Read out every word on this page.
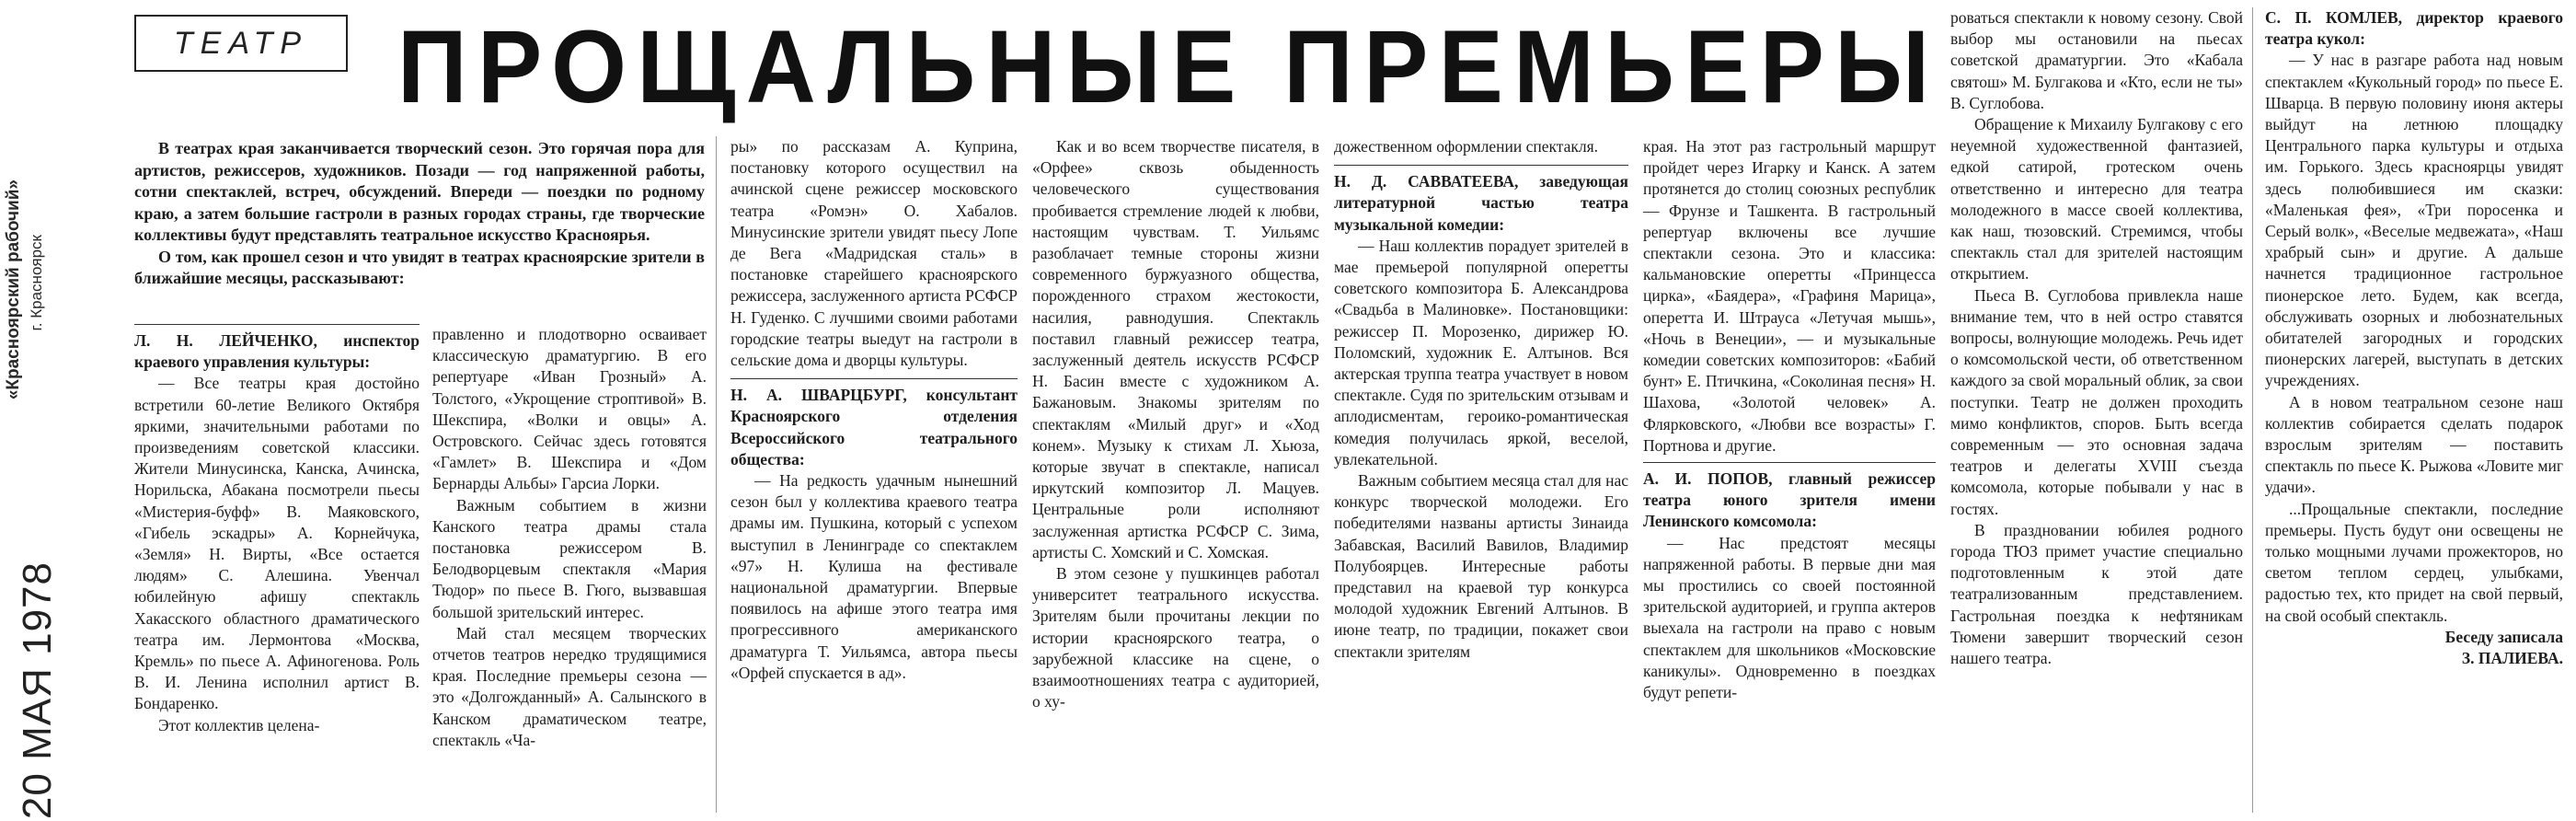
«Красноярский рабочий» г. Красноярск
20 МАЯ 1978
ТЕАТР ПРОЩАЛЬНЫЕ ПРЕМЬЕРЫ

В театрах края заканчивается творческий сезон. Это горячая пора для артистов, режиссеров, художников. Позади — год напряженной работы, сотни спектаклей, встреч, обсуждений. Впереди — поездки по родному краю, а затем большие гастроли в разных городах страны, где творческие коллективы будут представлять театральное искусство Красноярья.

О том, как прошел сезон и что увидят в театрах красноярские зрители в ближайшие месяцы, рассказывают:

Л. Н. ЛЕЙЧЕНКО, инспектор краевого управления культуры:

— Все театры края достойно встретили 60-летие Великого Октября яркими, значительными работами по произведениям советской классики. Жители Минусинска, Канска, Ачинска, Норильска, Абакана посмотрели пьесы «Мистерия-буфф» В. Маяковского, «Гибель эскадры» А. Корнейчука, «Земля» Н. Вирты, «Все остается людям» С. Алешина. Увенчал юбилейную афишу спектакль Хакасского областного драматического театра им. Лермонтова «Москва, Кремль» по пьесе А. Афиногенова. Роль В. И. Ленина исполнил артист В. Бондаренко.

Этот коллектив целена-

правленно и плодотворно осваивает классическую драматургию. В его репертуаре «Иван Грозный» А. Толстого, «Укрощение строптивой» В. Шекспира, «Волки и овцы» А. Островского. Сейчас здесь готовятся «Гамлет» В. Шекспира и «Дом Бернарды Альбы» Гарсиа Лорки.

Важным событием в жизни Канского театра драмы стала постановка режиссером В. Белодворцевым спектакля «Мария Тюдор» по пьесе В. Гюго, вызвавшая большой зрительский интерес.

Май стал месяцем творческих отчетов театров нередко трудящимися края. Последние премьеры сезона — это «Долгожданный» А. Салынского в Канском драматическом театре, спектакль «Ча-

ры» по рассказам А. Куприна, постановку которого осуществил на ачинской сцене режиссер московского театра «Ромэн» О. Хабалов. Минусинские зрители увидят пьесу Лопе де Вега «Мадридская сталь» в постановке старейшего красноярского режиссера, заслуженного артиста РСФСР Н. Гуденко. С лучшими своими работами городские театры выедут на гастроли в сельские дома и дворцы культуры.

Н. А. ШВАРЦБУРГ, консультант Красноярского отделения Всероссийского театрального общества:

— На редкость удачным нынешний сезон был у коллектива краевого театра драмы им. Пушкина, который с успехом выступил в Ленинграде со спектаклем «97» Н. Кулиша на фестивале национальной драматургии. Впервые появилось на афише этого театра имя прогрессивного американского драматурга Т. Уильямса, автора пьесы «Орфей спускается в ад».

Как и во всем творчестве писателя, в «Орфее» сквозь обыденность человеческого существования пробивается стремление людей к любви, настоящим чувствам. Т. Уильямс разоблачает темные стороны жизни современного буржуазного общества, порожденного страхом жестокости, насилия, равнодушия. Спектакль поставил главный режиссер театра, заслуженный деятель искусств РСФСР Н. Басин вместе с художником А. Бажановым. Знакомы зрителям по спектаклям «Милый друг» и «Ход конем». Музыку к стихам Л. Хьюза, которые звучат в спектакле, написал иркутский композитор Л. Мацуев. Центральные роли исполняют заслуженная артистка РСФСР С. Зима, артисты С. Хомский и С. Хомская.

В этом сезоне у пушкинцев работал университет театрального искусства. Зрителям были прочитаны лекции по истории красноярского театра, о зарубежной классике на сцене, о взаимоотношениях театра с аудиторией, о ху-

дожественном оформлении спектакля.

Н. Д. САВВАТЕЕВА, заведующая литературной частью театра музыкальной комедии:

— Наш коллектив порадует зрителей в мае премьерой популярной оперетты советского композитора Б. Александрова «Свадьба в Малиновке». Постановщики: режиссер П. Морозенко, дирижер Ю. Поломский, художник Е. Алтынов. Вся актерская труппа театра участвует в новом спектакле. Судя по зрительским отзывам и аплодисментам, героико-романтическая комедия получилась яркой, веселой, увлекательной.

Важным событием месяца стал для нас конкурс творческой молодежи. Его победителями названы артисты Зинаида Забавская, Василий Вавилов, Владимир Полубоярцев. Интересные работы представил на краевой тур конкурса молодой художник Евгений Алтынов. В июне театр, по традиции, покажет свои спектакли зрителям

края. На этот раз гастрольный маршрут пройдет через Игарку и Канск. А затем протянется до столиц союзных республик — Фрунзе и Ташкента. В гастрольный репертуар включены все лучшие спектакли сезона. Это и классика: кальмановские оперетты «Принцесса цирка», «Баядера», «Графиня Марица», оперетта И. Штрауса «Летучая мышь», «Ночь в Венеции», — и музыкальные комедии советских композиторов: «Бабий бунт» Е. Птичкина, «Соколиная песня» Н. Шахова, «Золотой человек» А. Флярковского, «Любви все возрасты» Г. Портнова и другие.

А. И. ПОПОВ, главный режиссер театра юного зрителя имени Ленинского комсомола:

— Нас предстоят месяцы напряженной работы. В первые дни мая мы простились со своей постоянной зрительской аудиторией, и группа актеров выехала на гастроли на право с новым спектаклем для школьников «Московские каникулы». Одновременно в поездках будут репети-

роваться спектакли к новому сезону. Свой выбор мы остановили на пьесах советской драматургии. Это «Кабала святош» М. Булгакова и «Кто, если не ты» В. Суглобова.

Обращение к Михаилу Булгакову с его неуемной художественной фантазией, едкой сатирой, гротеском очень ответственно и интересно для театра молодежного в массе своей коллектива, как наш, тюзовский. Стремимся, чтобы спектакль стал для зрителей настоящим открытием.

Пьеса В. Суглобова привлекла наше внимание тем, что в ней остро ставятся вопросы, волнующие молодежь. Речь идет о комсомольской чести, об ответственном каждого за свой моральный облик, за свои поступки. Театр не должен проходить мимо конфликтов, споров. Быть всегда современным — это основная задача театров и делегаты XVIII съезда комсомола, которые побывали у нас в гостях.

В праздновании юбилея родного города ТЮЗ примет участие специально подготовленным к этой дате театрализованным представлением. Гастрольная поездка к нефтяникам Тюмени завершит творческий сезон нашего театра.

С. П. КОМЛЕВ, директор краевого театра кукол:

— У нас в разгаре работа над новым спектаклем «Кукольный город» по пьесе Е. Шварца. В первую половину июня актеры выйдут на летнюю площадку Центрального парка культуры и отдыха им. Горького. Здесь красноярцы увидят здесь полюбившиеся им сказки: «Маленькая фея», «Три поросенка и Серый волк», «Веселые медвежата», «Наш храбрый сын» и другие. А дальше начнется традиционное гастрольное пионерское лето. Будем, как всегда, обслуживать озорных и любознательных обитателей загородных и городских пионерских лагерей, выступать в детских учреждениях.

А в новом театральном сезоне наш коллектив собирается сделать подарок взрослым зрителям — поставить спектакль по пьесе К. Рыжова «Ловите миг удачи».

...Прощальные спектакли, последние премьеры. Пусть будут они освещены не только мощными лучами прожекторов, но светом теплом сердец, улыбками, радостью тех, кто придет на свой первый, на свой особый спектакль.

Беседу записала

З. ПАЛИЕВА.
